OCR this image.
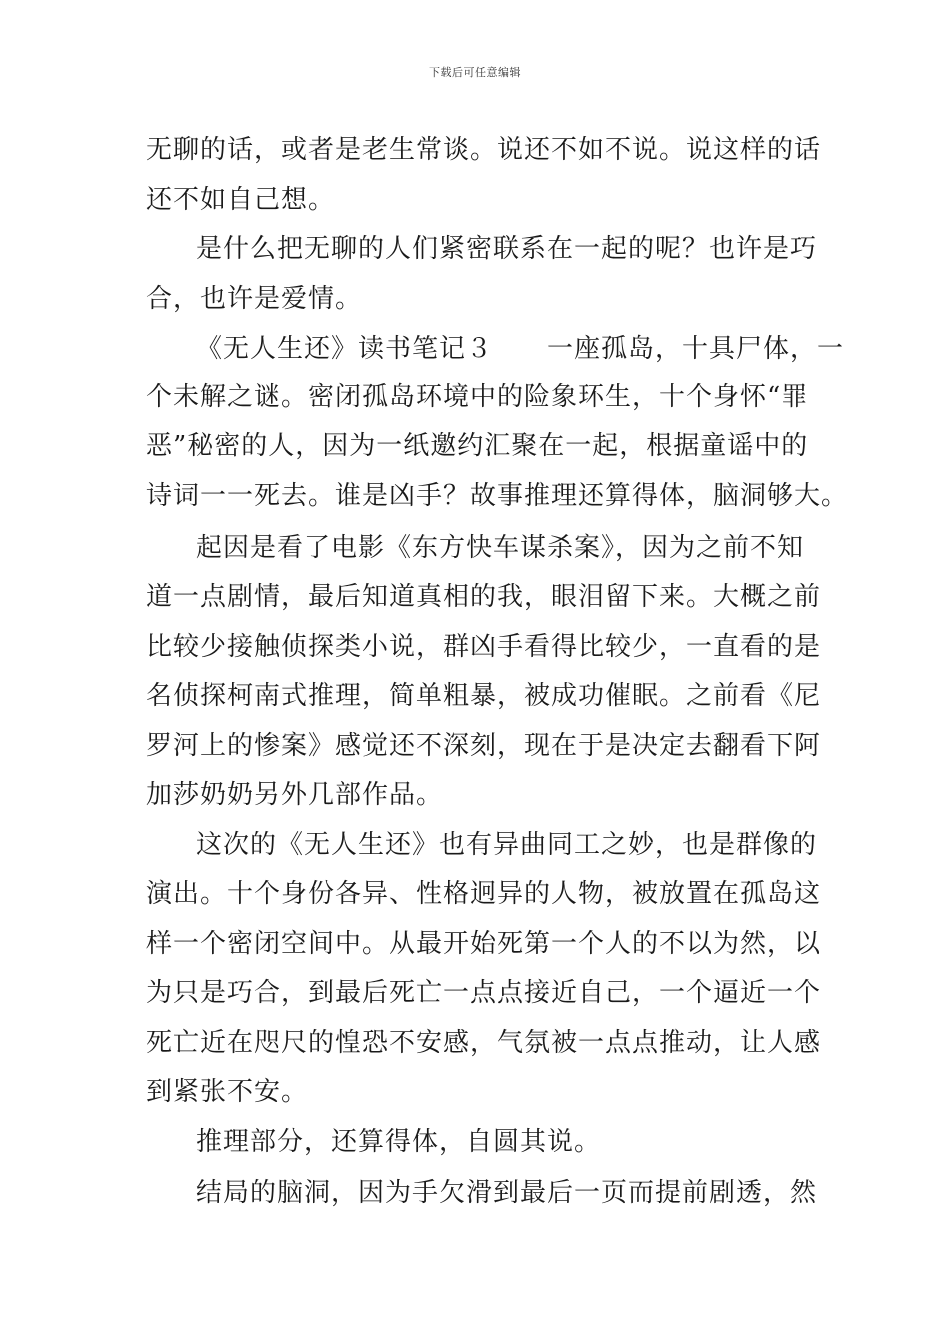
下载后可任意编辑
无聊的话，或者是老生常谈。说还不如不说。说这样的话
还不如自己想。
是什么把无聊的人们紧密联系在一起的呢？也许是巧
合，也许是爱情。
《无人生还》读书笔记３　　一座孤岛，十具尸体，一
个未解之谜。密闭孤岛环境中的险象环生，十个身怀“罪
恶”秘密的人，因为一纸邀约汇聚在一起，根据童谣中的
诗词一一死去。谁是凶手？故事推理还算得体，脑洞够大。
起因是看了电影《东方快车谋杀案》，因为之前不知
道一点剧情，最后知道真相的我，眼泪留下来。大概之前
比较少接触侦探类小说，群凶手看得比较少，一直看的是
名侦探柯南式推理，简单粗暴，被成功催眠。之前看《尼
罗河上的惨案》感觉还不深刻，现在于是决定去翻看下阿
加莎奶奶另外几部作品。
这次的《无人生还》也有异曲同工之妙，也是群像的
演出。十个身份各异、性格迥异的人物，被放置在孤岛这
样一个密闭空间中。从最开始死第一个人的不以为然，以
为只是巧合，到最后死亡一点点接近自己，一个逼近一个
死亡近在咫尺的惶恐不安感，气氛被一点点推动，让人感
到紧张不安。
推理部分，还算得体，自圆其说。
结局的脑洞，因为手欠滑到最后一页而提前剧透，然
